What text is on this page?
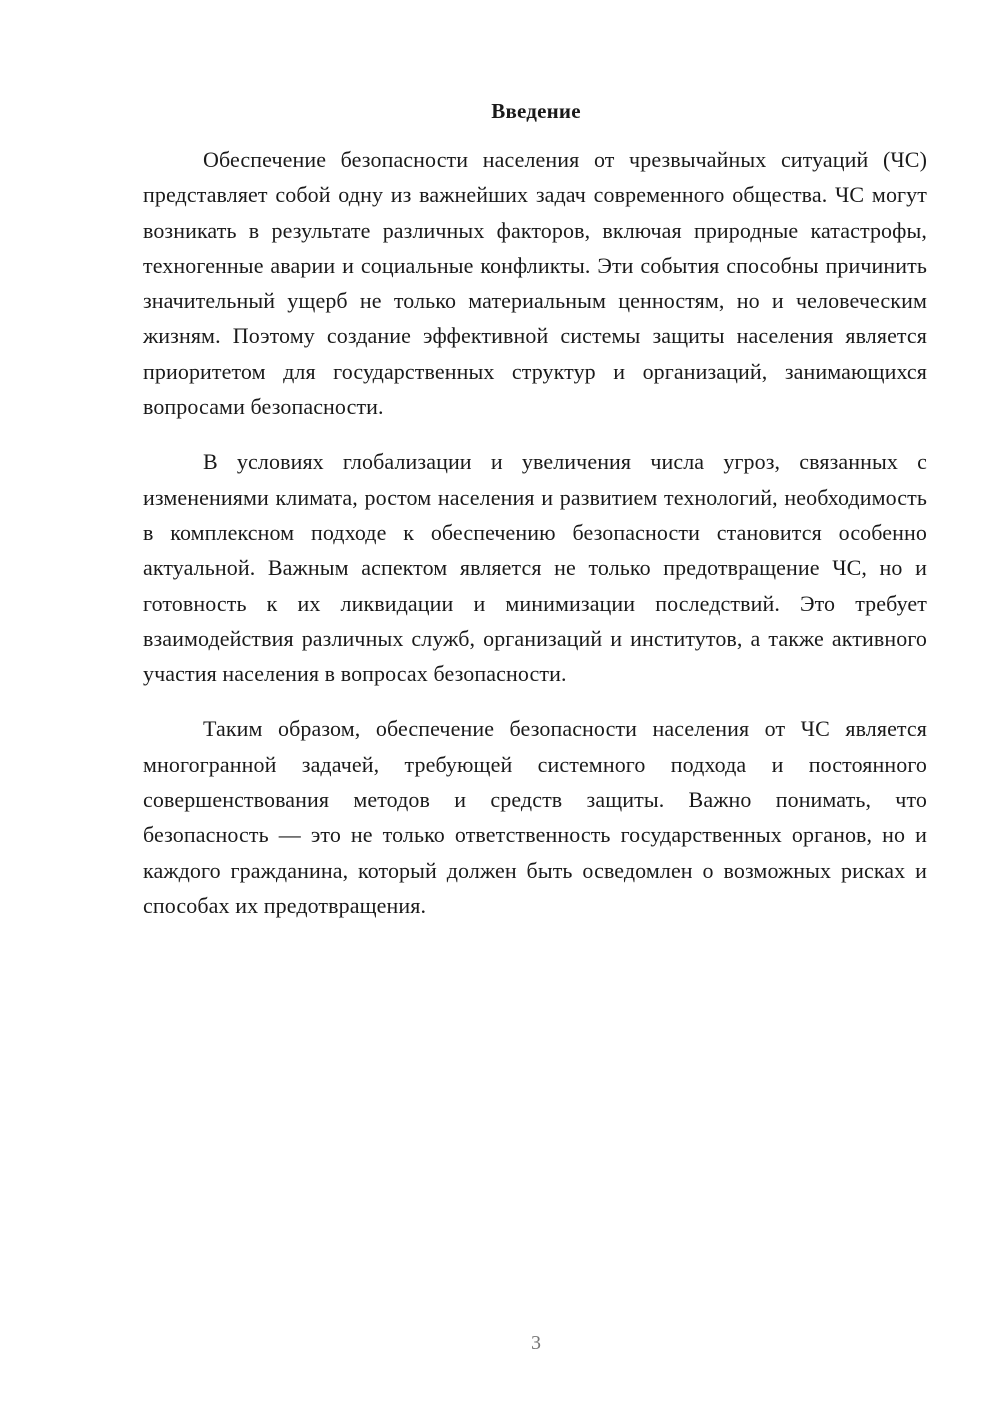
Введение

Обеспечение безопасности населения от чрезвычайных ситуаций (ЧС) представляет собой одну из важнейших задач современного общества. ЧС могут возникать в результате различных факторов, включая природные катастрофы, техногенные аварии и социальные конфликты. Эти события способны причинить значительный ущерб не только материальным ценностям, но и человеческим жизням. Поэтому создание эффективной системы защиты населения является приоритетом для государственных структур и организаций, занимающихся вопросами безопасности.

В условиях глобализации и увеличения числа угроз, связанных с изменениями климата, ростом населения и развитием технологий, необходимость в комплексном подходе к обеспечению безопасности становится особенно актуальной. Важным аспектом является не только предотвращение ЧС, но и готовность к их ликвидации и минимизации последствий. Это требует взаимодействия различных служб, организаций и институтов, а также активного участия населения в вопросах безопасности.

Таким образом, обеспечение безопасности населения от ЧС является многогранной задачей, требующей системного подхода и постоянного совершенствования методов и средств защиты. Важно понимать, что безопасность — это не только ответственность государственных органов, но и каждого гражданина, который должен быть осведомлен о возможных рисках и способах их предотвращения.

3
